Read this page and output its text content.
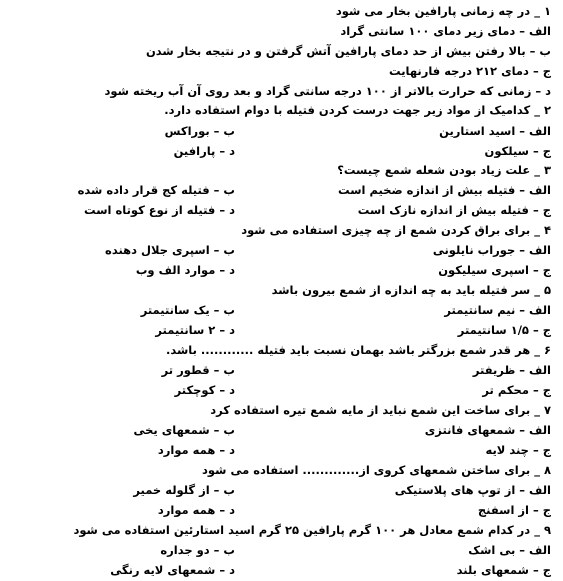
۱ _ در چه زمانی پارافین بخار می شود
الف – دمای زیر دمای ۱۰۰ سانتی گراد
ب – بالا رفتن بیش از حد دمای پارافین آتش گرفتن و در نتیجه بخار شدن
ج – دمای ۲۱۲ درجه فارنهایت
د – زمانی که حرارت بالاتر از ۱۰۰ درجه سانتی گراد و بعد روی آن آب ریخته شود
۲ _ کدامیک از مواد زیر جهت درست کردن فتیله با دوام استفاده دارد.
الف – اسید استارین
ب – بوراکس
ج – سیلکون
د – پارافین
۳ _ علت زیاد بودن شعله شمع چیست؟
الف – فتیله بیش از اندازه ضخیم است
ب – فتیله کج قرار داده شده
ج – فتیله بیش از اندازه نازک است
د – فتیله از نوع کوتاه است
۴ _ برای براق کردن شمع از چه چیزی استفاده می شود
الف – جوراب نایلونی
ب – اسپری جلال دهنده
ج – اسپری سیلیکون
د – موارد الف وب
۵ _ سر فتیله باید به چه اندازه از شمع بیرون باشد
الف – نیم سانتیمتر
ب – یک سانتیمتر
ج – ۱/۵ سانتیمتر
د – ۲ سانتیمتر
۶ _ هر قدر شمع بزرگتر باشد بهمان نسبت باید فتیله ............ باشد.
الف – ظریفتر
ب – قطور تر
ج – محکم تر
د – کوچکتر
۷ _ برای ساخت این شمع نباید از مایه شمع تیره استفاده کرد
الف – شمعهای فانتزی
ب – شمعهای یخی
ج – چند لایه
د – همه موارد
۸ _ برای ساختن شمعهای کروی از............. استفاده می شود
الف – از توپ های پلاستیکی
ب – از گلوله خمیر
ج – از اسفنج
د – همه موارد
۹ _ در کدام شمع معادل هر ۱۰۰ گرم پارافین ۲۵ گرم اسید استارئین استفاده می شود
الف – بی اشک
ب – دو جداره
ج – شمعهای بلند
د – شمعهای لایه رنگی
